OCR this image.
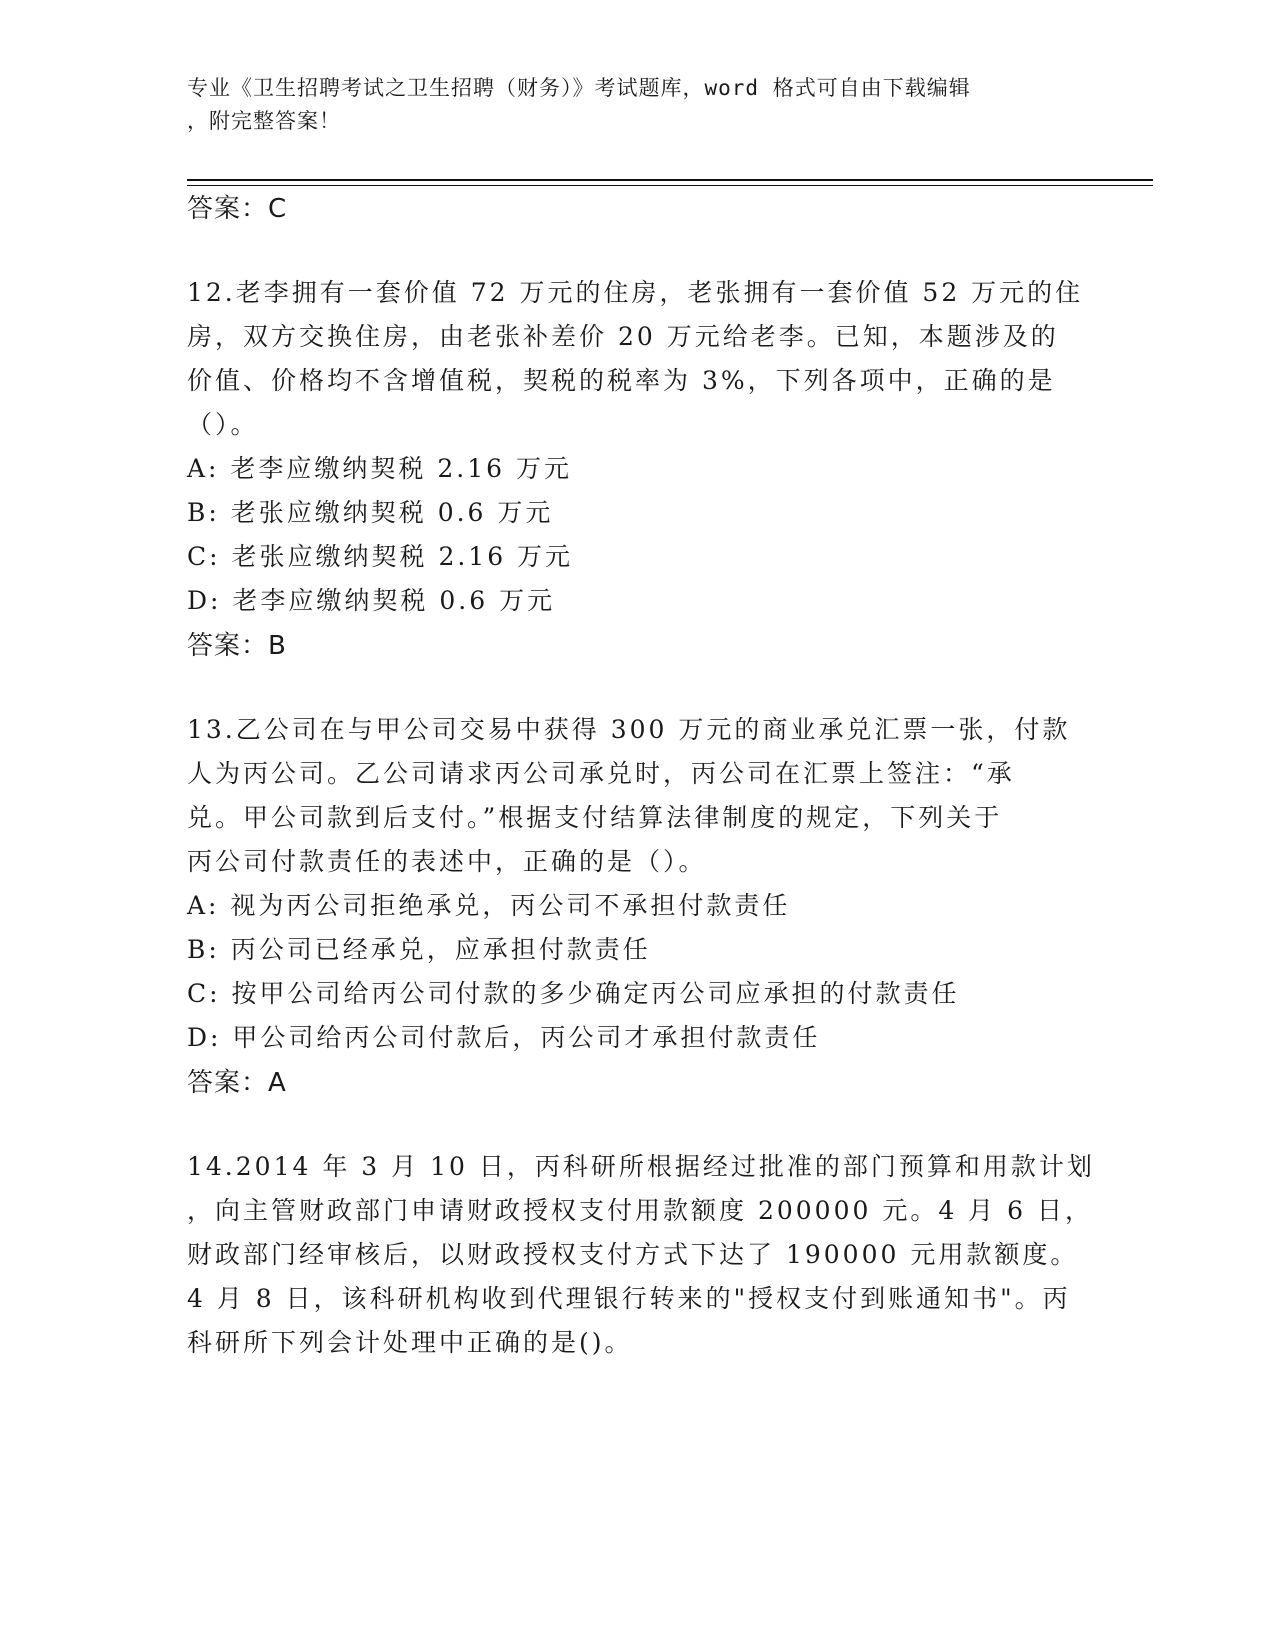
专业《卫生招聘考试之卫生招聘（财务）》考试题库，word 格式可自由下载编辑
，附完整答案！
答案：C
12.老李拥有一套价值 72 万元的住房，老张拥有一套价值 52 万元的住
房，双方交换住房，由老张补差价 20 万元给老李。已知，本题涉及的
价值、价格均不含增值税，契税的税率为 3%，下列各项中，正确的是
（）。
A: 老李应缴纳契税 2.16 万元
B: 老张应缴纳契税 0.6 万元
C: 老张应缴纳契税 2.16 万元
D: 老李应缴纳契税 0.6 万元
答案：B
13.乙公司在与甲公司交易中获得 300 万元的商业承兑汇票一张，付款
人为丙公司。乙公司请求丙公司承兑时，丙公司在汇票上签注：“承
兑。甲公司款到后支付。”根据支付结算法律制度的规定，下列关于
丙公司付款责任的表述中，正确的是（）。
A: 视为丙公司拒绝承兑，丙公司不承担付款责任
B: 丙公司已经承兑，应承担付款责任
C: 按甲公司给丙公司付款的多少确定丙公司应承担的付款责任
D: 甲公司给丙公司付款后，丙公司才承担付款责任
答案：A
14.2014 年 3 月 10 日，丙科研所根据经过批准的部门预算和用款计划
，向主管财政部门申请财政授权支付用款额度 200000 元。4 月 6 日，
财政部门经审核后，以财政授权支付方式下达了 190000 元用款额度。
4 月 8 日，该科研机构收到代理银行转来的"授权支付到账通知书"。丙
科研所下列会计处理中正确的是()。
